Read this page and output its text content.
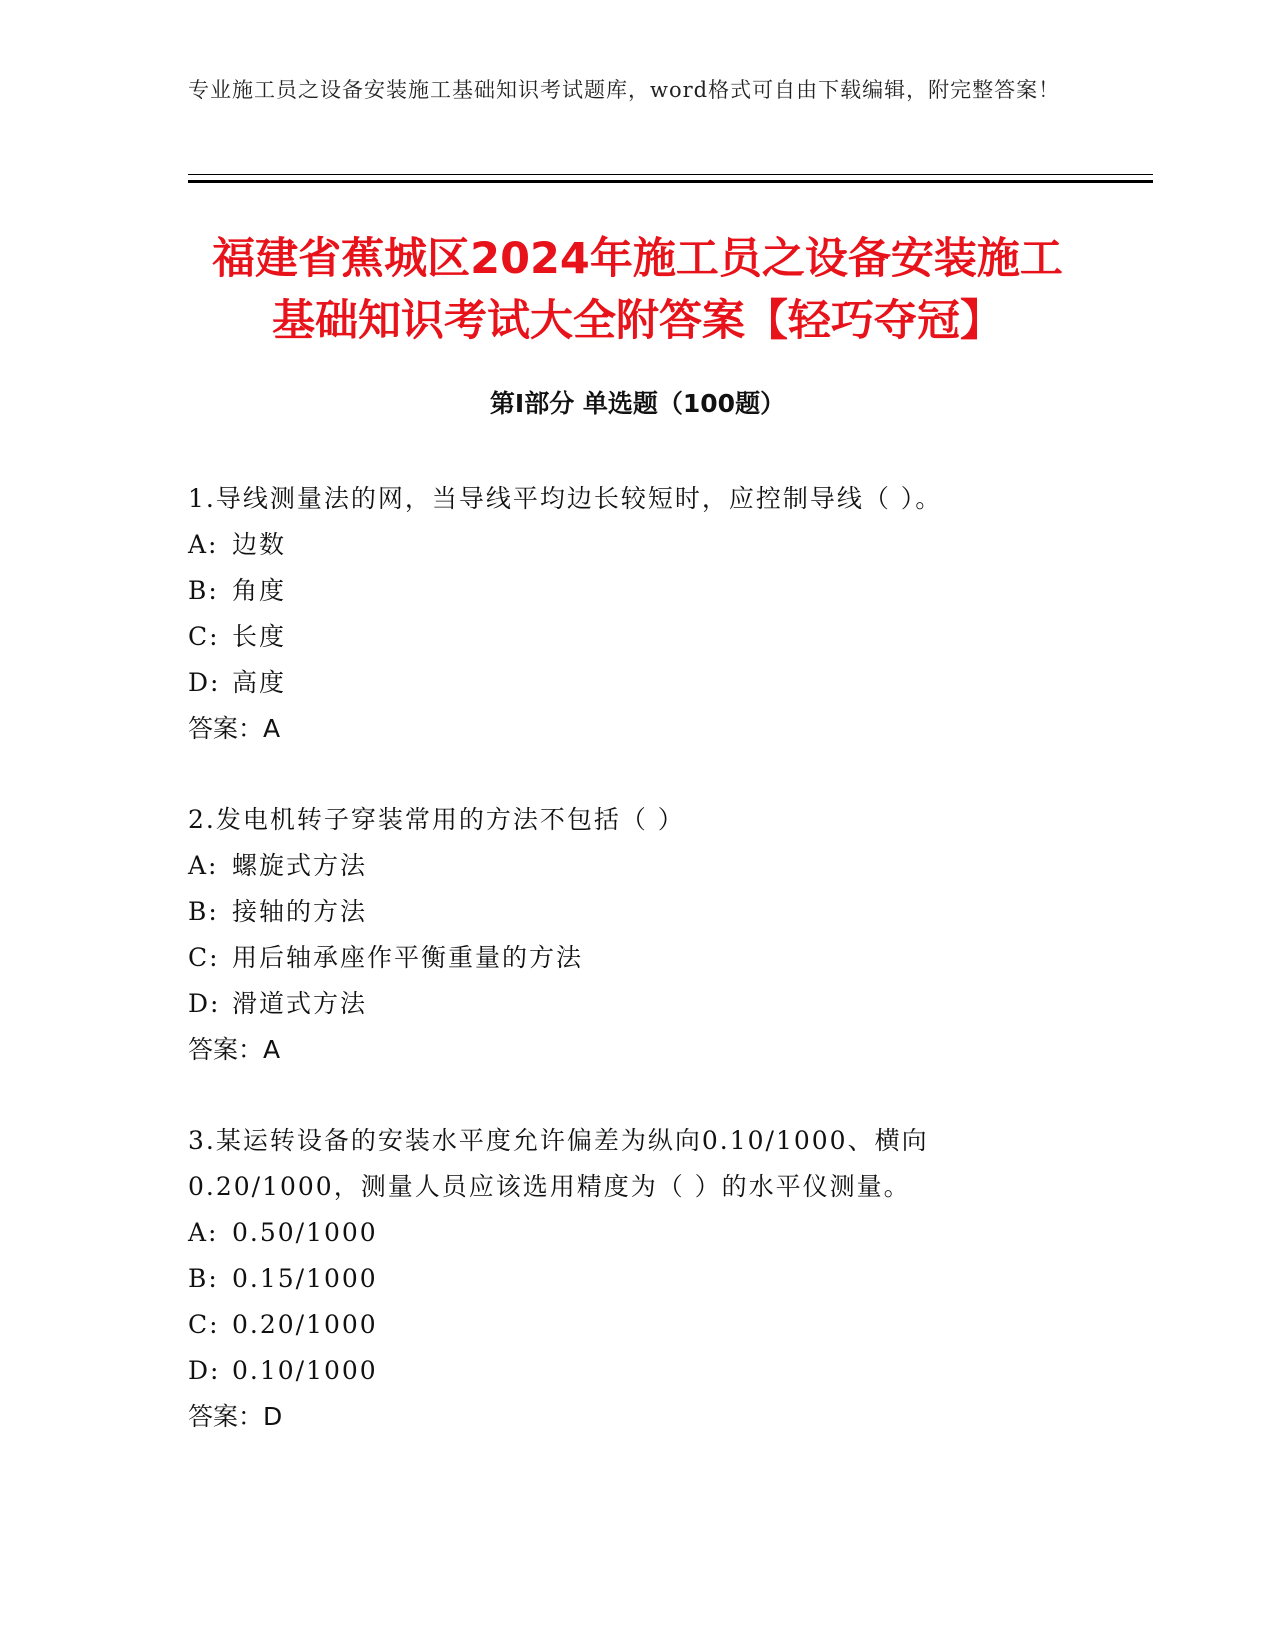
专业施工员之设备安装施工基础知识考试题库，word格式可自由下载编辑，附完整答案！
福建省蕉城区2024年施工员之设备安装施工
基础知识考试大全附答案【轻巧夺冠】
第Ⅰ部分 单选题（100题）
1.导线测量法的网，当导线平均边长较短时，应控制导线（ ）。
A: 边数
B: 角度
C: 长度
D: 高度
答案：A
2.发电机转子穿装常用的方法不包括（ ）
A: 螺旋式方法
B: 接轴的方法
C: 用后轴承座作平衡重量的方法
D: 滑道式方法
答案：A
3.某运转设备的安装水平度允许偏差为纵向0.10/1000、横向0.20/1000，测量人员应该选用精度为（ ）的水平仪测量。
A: 0.50/1000
B: 0.15/1000
C: 0.20/1000
D: 0.10/1000
答案：D
